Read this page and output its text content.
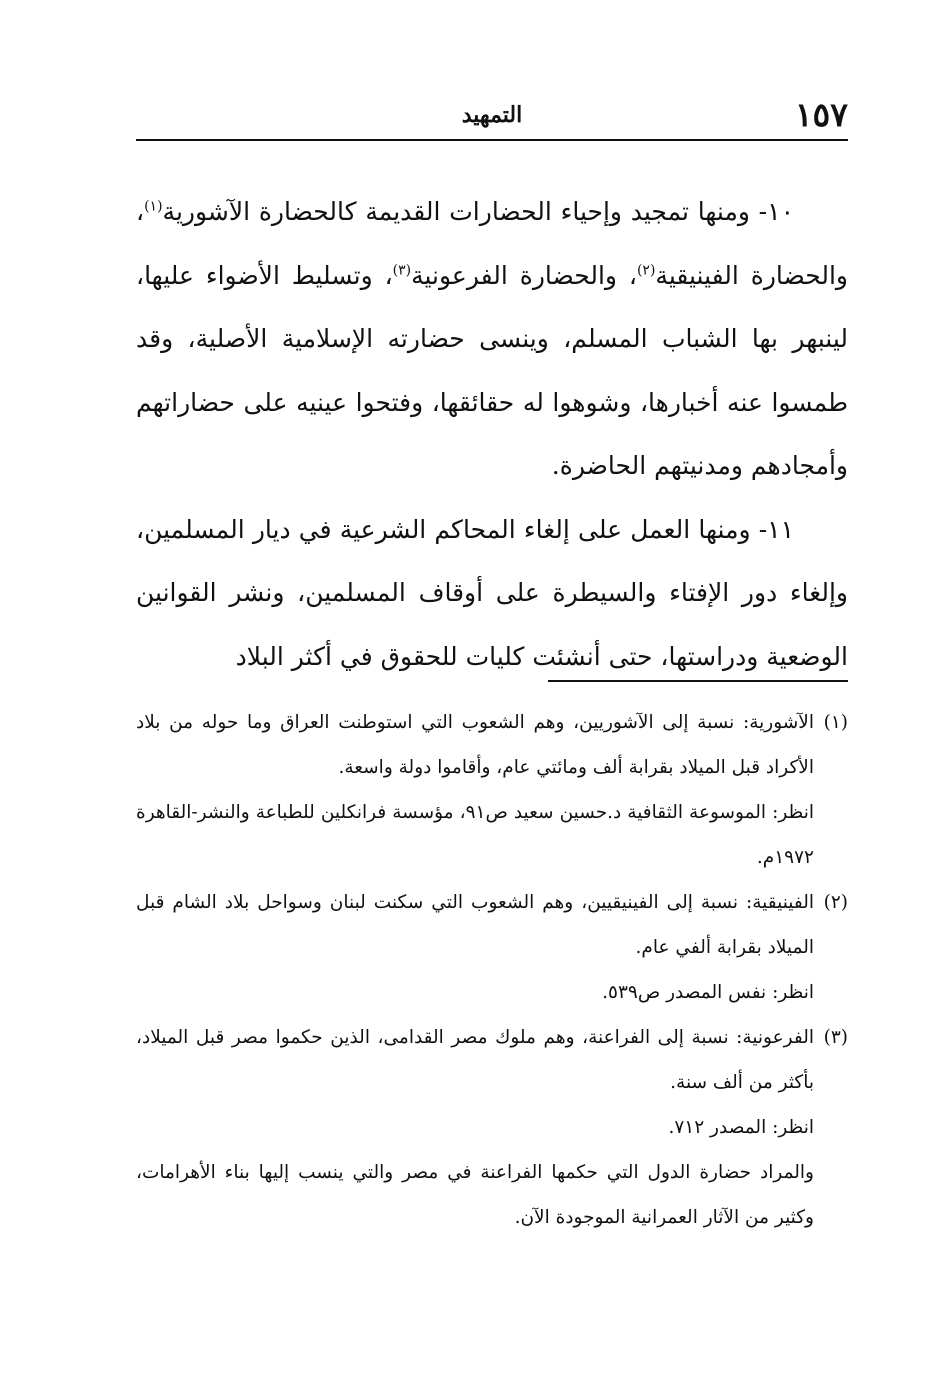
١٥٧
التمهيد

١٠- ومنها تمجيد وإحياء الحضارات القديمة كالحضارة الآشورية$^{(١)}$، والحضارة الفينيقية$^{(٢)}$، والحضارة الفرعونية$^{(٣)}$، وتسليط الأضواء عليها، لينبهر بها الشباب المسلم، وينسى حضارته الإسلامية الأصلية، وقد طمسوا عنه أخبارها، وشوهوا له حقائقها، وفتحوا عينيه على حضاراتهم وأمجادهم ومدنيتهم الحاضرة.

١١- ومنها العمل على إلغاء المحاكم الشرعية في ديار المسلمين، وإلغاء دور الإفتاء والسيطرة على أوقاف المسلمين، ونشر القوانين الوضعية ودراستها، حتى أنشئت كليات للحقوق في أكثر البلاد

(١)الآشورية: نسبة إلى الآشوريين، وهم الشعوب التي استوطنت العراق وما حوله من بلاد الأكراد قبل الميلاد بقرابة ألف ومائتي عام، وأقاموا دولة واسعة.

انظر: الموسوعة الثقافية د.حسين سعيد ص٩١، مؤسسة فرانكلين للطباعة والنشر-القاهرة ١٩٧٢م.

(٢)الفينيقية: نسبة إلى الفينيقيين، وهم الشعوب التي سكنت لبنان وسواحل بلاد الشام قبل الميلاد بقرابة ألفي عام.

انظر: نفس المصدر ص٥٣٩.

(٣)الفرعونية: نسبة إلى الفراعنة، وهم ملوك مصر القدامى، الذين حكموا مصر قبل الميلاد، بأكثر من ألف سنة.

انظر: المصدر ٧١٢.

والمراد حضارة الدول التي حكمها الفراعنة في مصر والتي ينسب إليها بناء الأهرامات، وكثير من الآثار العمرانية الموجودة الآن.
